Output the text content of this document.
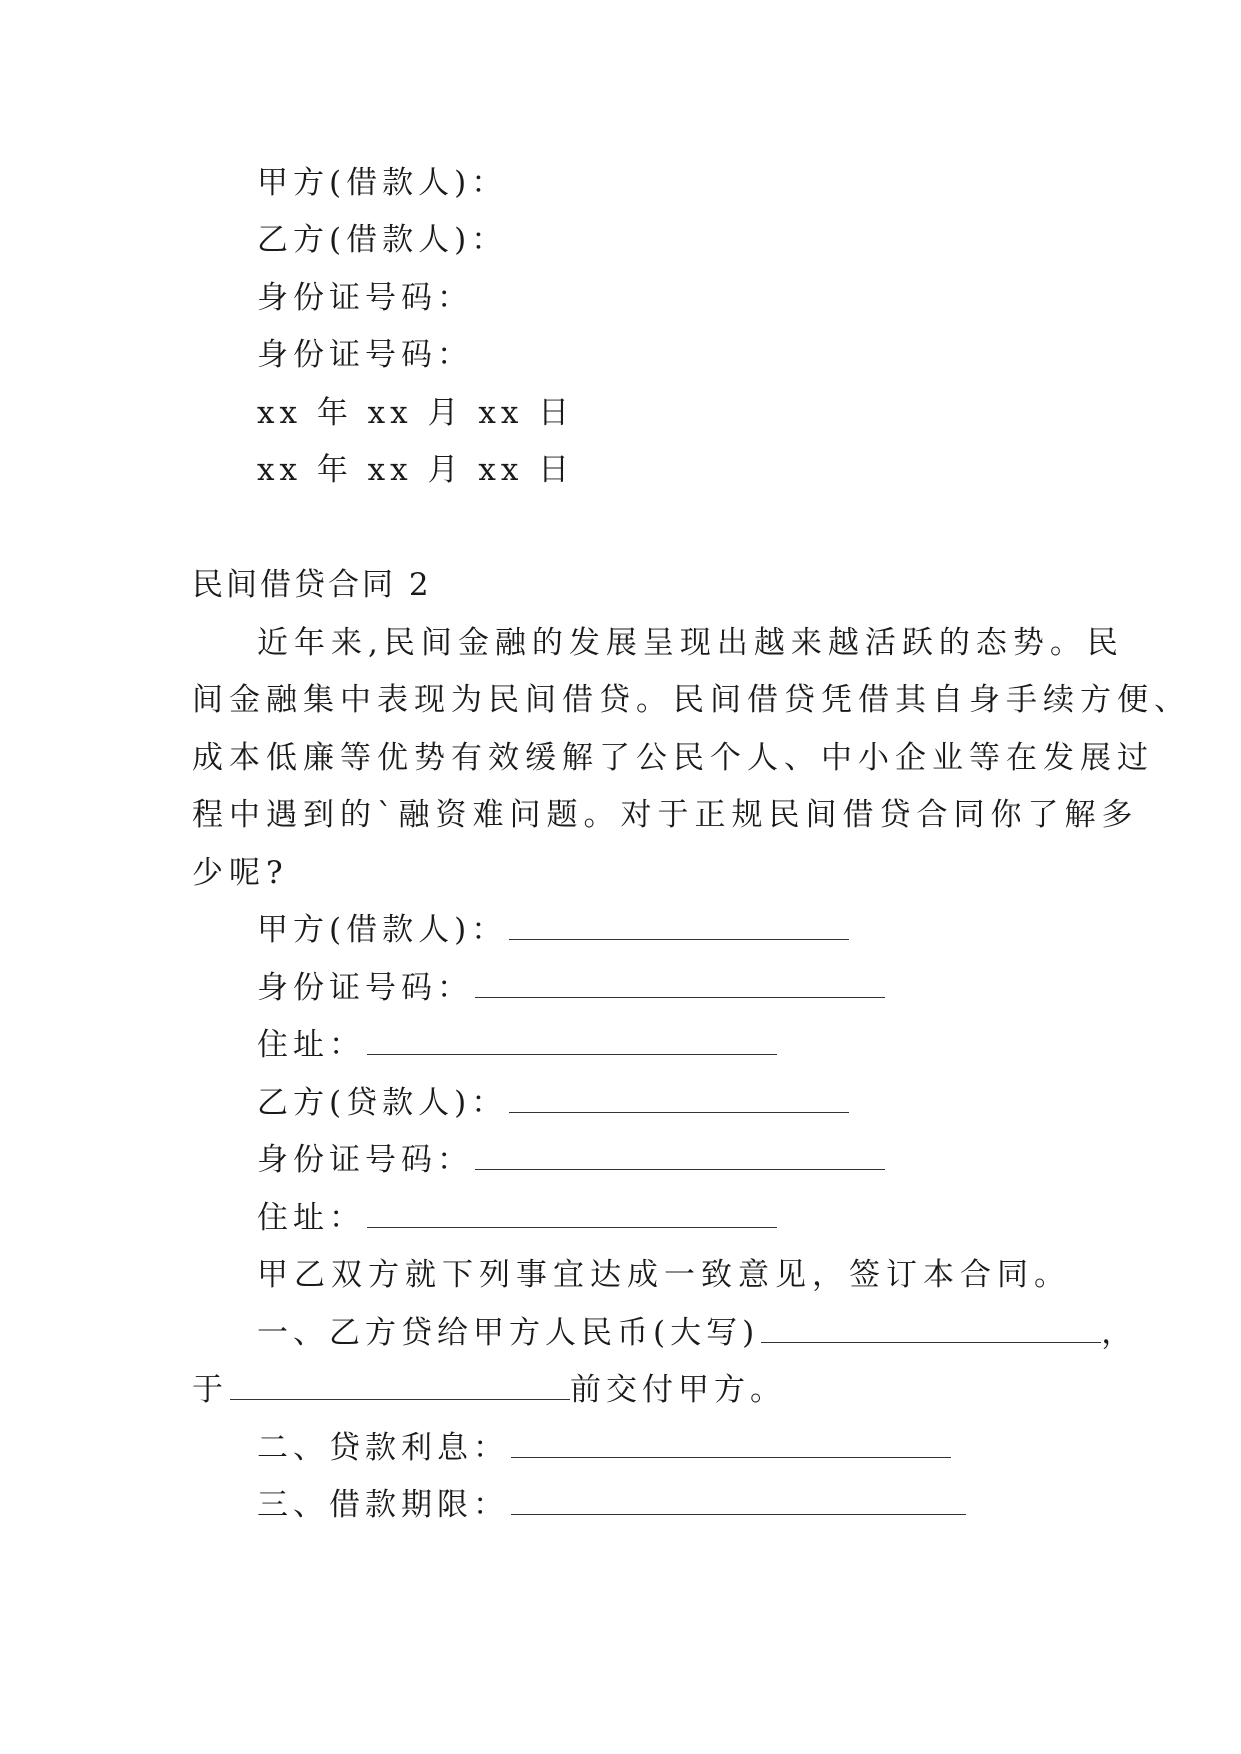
甲方(借款人)：
乙方(借款人)：
身份证号码：
身份证号码：
xx 年 xx 月 xx 日
xx 年 xx 月 xx 日
民间借贷合同 2
近年来,民间金融的发展呈现出越来越活跃的态势。民
间金融集中表现为民间借贷。民间借贷凭借其自身手续方便、
成本低廉等优势有效缓解了公民个人、中小企业等在发展过
程中遇到的`融资难问题。对于正规民间借贷合同你了解多
少呢?
甲方(借款人)：
身份证号码：
住址：
乙方(贷款人)：
身份证号码：
住址：
甲乙双方就下列事宜达成一致意见，签订本合同。
一、乙方贷给甲方人民币(大写)	，
于	前交付甲方。
二、贷款利息：
三、借款期限：
